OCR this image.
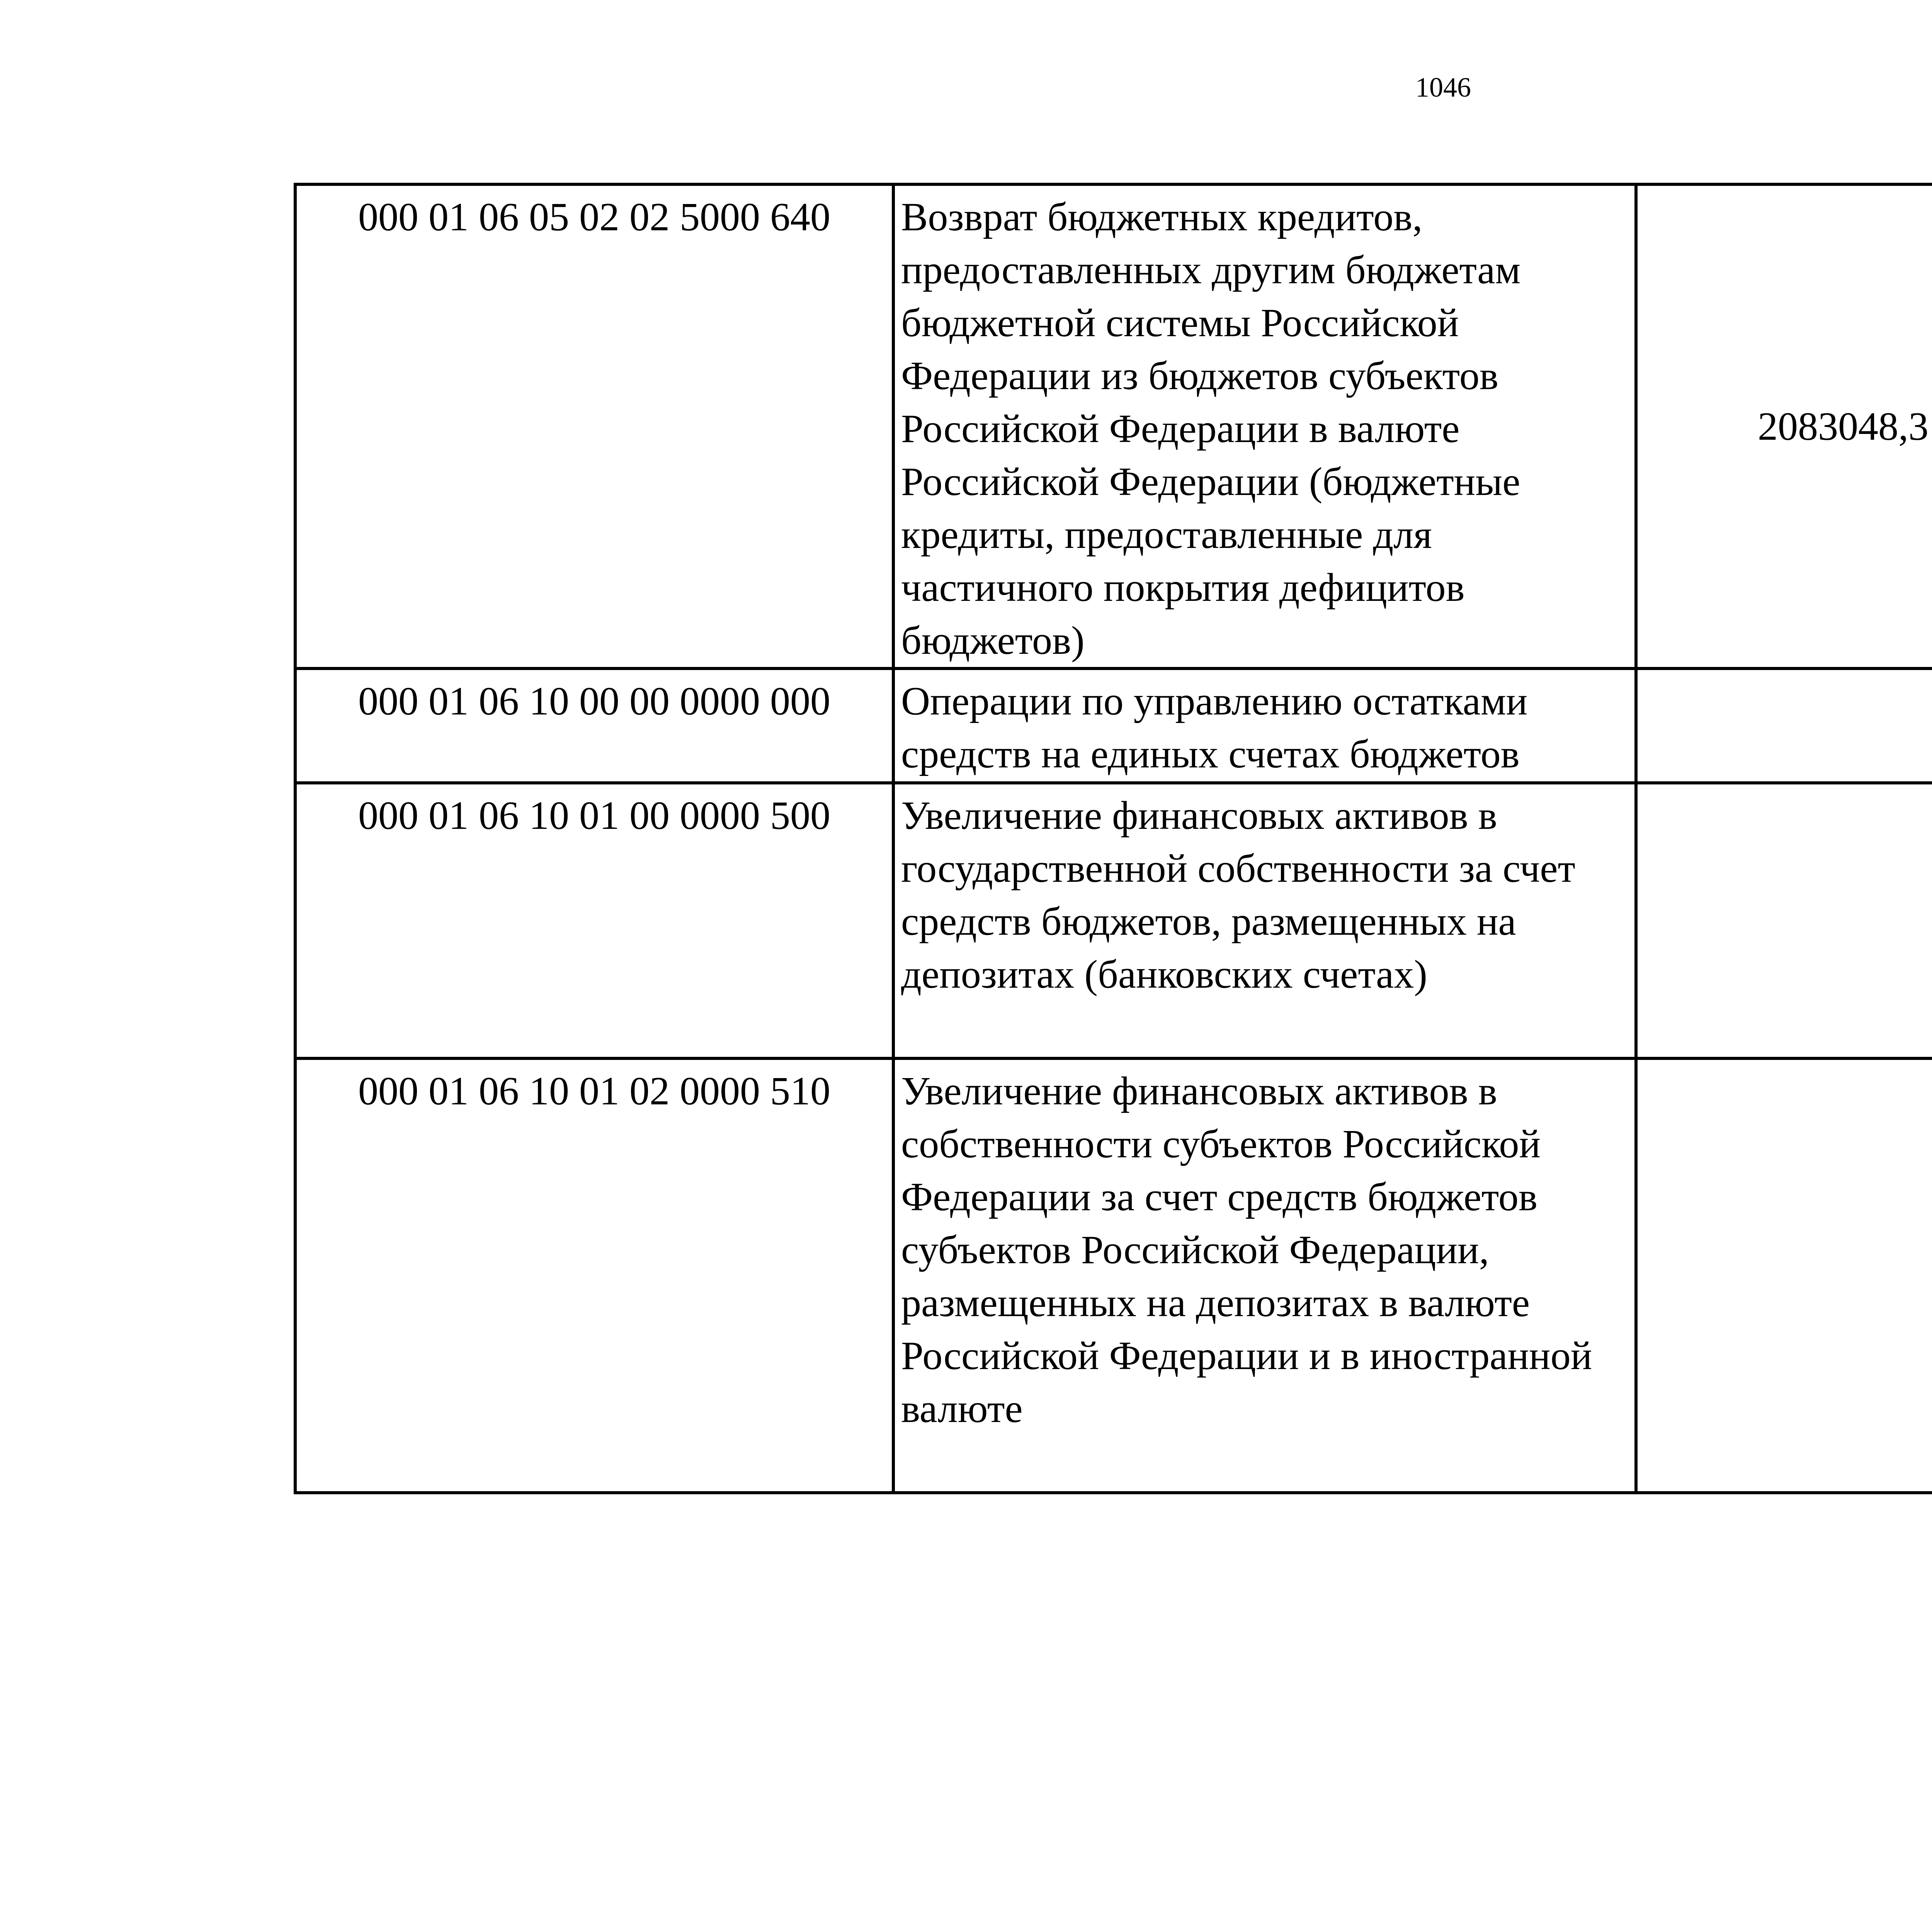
1046
000 01 06 05 02 02 5000 640	Возврат бюджетных кредитов, предоставленных другим бюджетам бюджетной системы Российской Федерации из бюджетов субъектов Российской Федерации в валюте Российской Федерации (бюджетные кредиты, предоставленные для частичного покрытия дефицитов бюджетов)	2083048,3		
000 01 06 10 00 00 0000 000	Операции по управлению остатками средств на единых счетах бюджетов			
000 01 06 10 01 00 0000 500	Увеличение финансовых активов в государственной собственности за счет средств бюджетов, размещенных на депозитах (банковских счетах)			
000 01 06 10 01 02 0000 510	Увеличение финансовых активов в собственности субъектов Российской Федерации за счет средств бюджетов субъектов Российской Федерации, размещенных на депозитах в валюте Российской Федерации и в иностранной валюте			
